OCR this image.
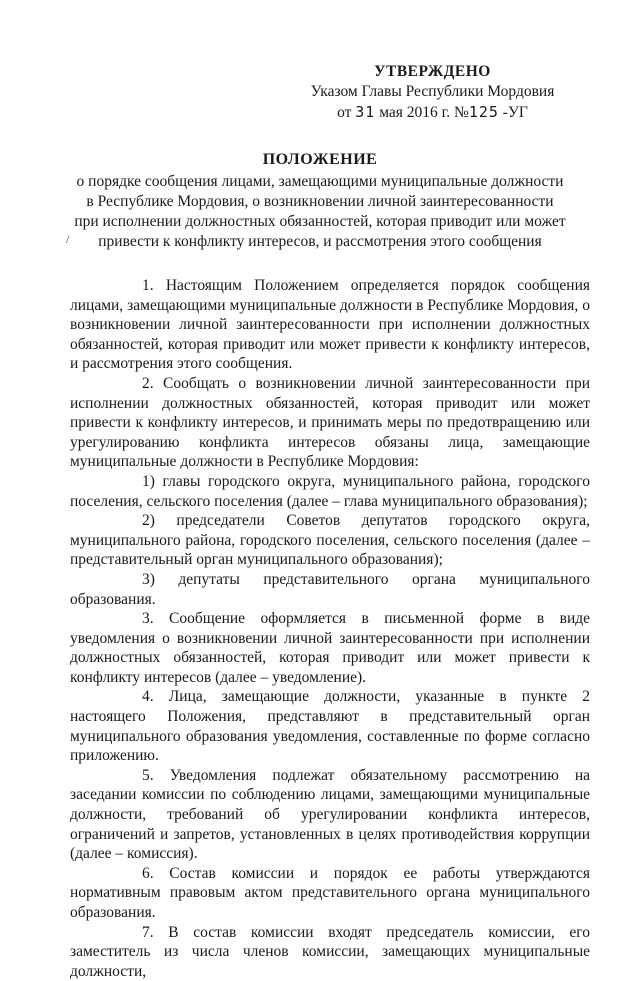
УТВЕРЖДЕНО
Указом Главы Республики Мордовия
от 31 мая 2016 г. №125 -УГ
ПОЛОЖЕНИЕ
о порядке сообщения лицами, замещающими муниципальные должности
в Республике Мордовия, о возникновении личной заинтересованности
при исполнении должностных обязанностей, которая приводит или может
привести к конфликту интересов, и рассмотрения этого сообщения
/

1. Настоящим Положением определяется порядок сообщения лицами, замещающими муниципальные должности в Республике Мордовия, о возникновении личной заинтересованности при исполнении должностных обязанностей, которая приводит или может привести к конфликту интересов, и рассмотрения этого сообщения.

2. Сообщать о возникновении личной заинтересованности при исполнении должностных обязанностей, которая приводит или может привести к конфликту интересов, и принимать меры по предотвращению или урегулированию конфликта интересов обязаны лица, замещающие муниципальные должности в Республике Мордовия:

1) главы городского округа, муниципального района, городского поселения, сельского поселения (далее – глава муниципального образования);

2) председатели Советов депутатов городского округа, муниципального района, городского поселения, сельского поселения (далее – представительный орган муниципального образования);

3) депутаты представительного органа муниципального образования.

3. Сообщение оформляется в письменной форме в виде уведомления о возникновении личной заинтересованности при исполнении должностных обязанностей, которая приводит или может привести к конфликту интересов (далее – уведомление).

4. Лица, замещающие должности, указанные в пункте 2 настоящего Положения, представляют в представительный орган муниципального образования уведомления, составленные по форме согласно приложению.

5. Уведомления подлежат обязательному рассмотрению на заседании комиссии по соблюдению лицами, замещающими муниципальные должности, требований об урегулировании конфликта интересов, ограничений и запретов, установленных в целях противодействия коррупции (далее – комиссия).

6. Состав комиссии и порядок ее работы утверждаются нормативным правовым актом представительного органа муниципального образования.

7. В состав комиссии входят председатель комиссии, его заместитель из числа членов комиссии, замещающих муниципальные должности,
